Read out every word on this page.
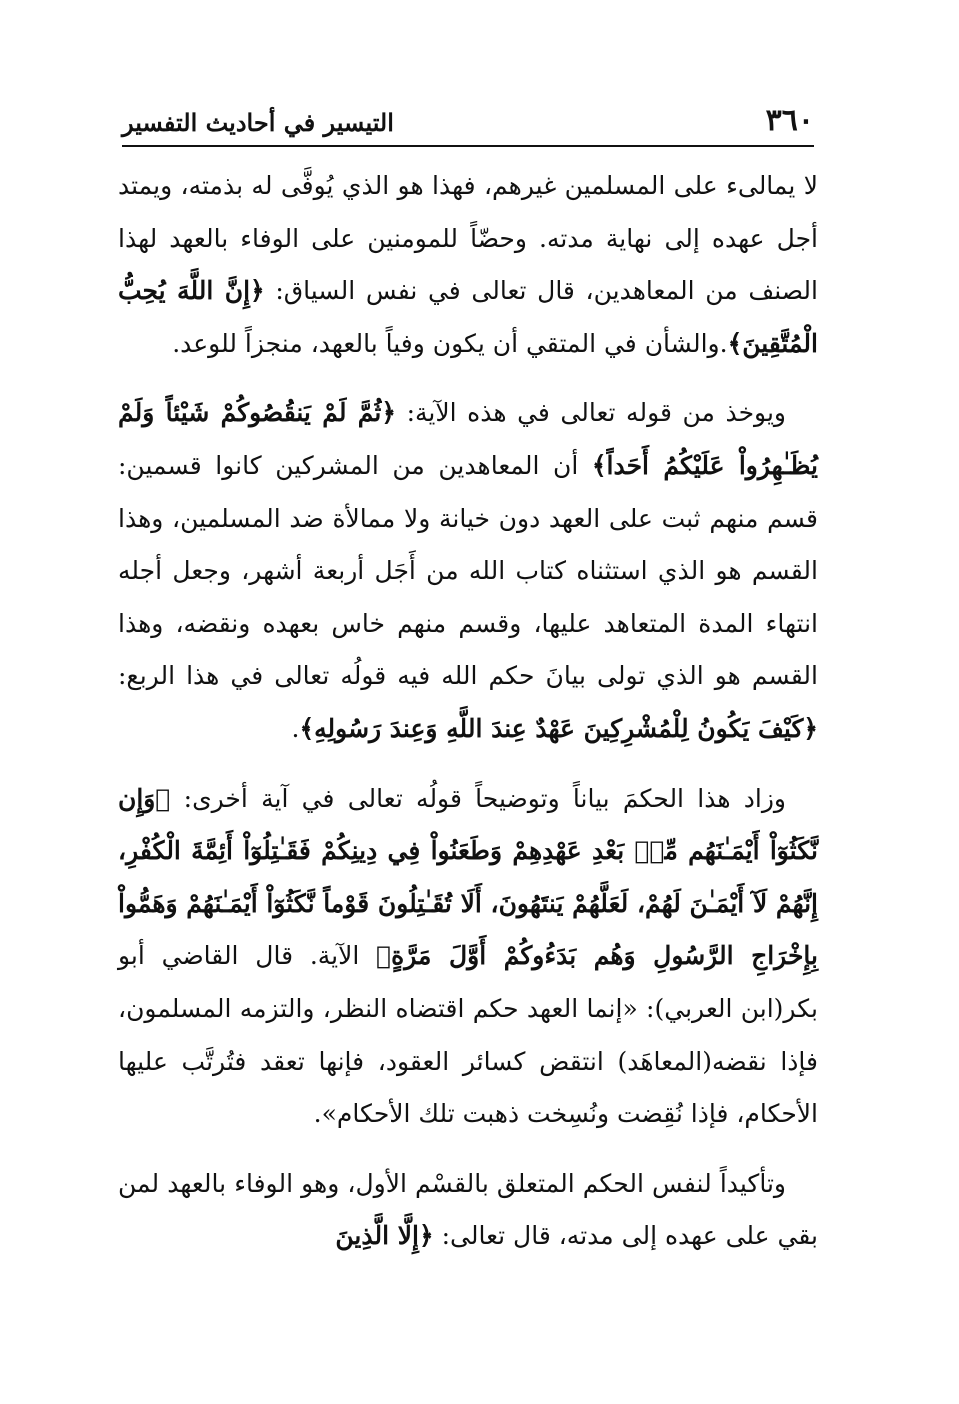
٣٦٠
التيسير في أحاديث التفسير

لا يمالىء على المسلمين غيرهم، فهذا هو الذي يُوفَّى له بذمته، ويمتد أجل عهده إلى نهاية مدته. وحضّاً للمومنين على الوفاء بالعهد لهذا الصنف من المعاهدين، قال تعالى في نفس السياق: ﴿إِنَّ اللَّهَ يُحِبُّ الْمُتَّقِينَ﴾.والشأن في المتقي أن يكون وفياً بالعهد، منجزاً للوعد.

ويوخذ من قوله تعالى في هذه الآية: ﴿ثُمَّ لَمْ يَنقُصُوكُمْ شَيْئاً وَلَمْ يُظَـٰهِرُواْ عَلَيْكُمُ أَحَداً﴾ أن المعاهدين من المشركين كانوا قسمين: قسم منهم ثبت على العهد دون خيانة ولا ممالأة ضد المسلمين، وهذا القسم هو الذي استثناه كتاب الله من أَجَل أربعة أشهر، وجعل أجله انتهاء المدة المتعاهد عليها، وقسم منهم خاس بعهده ونقضه، وهذا القسم هو الذي تولى بيانَ حكم الله فيه قولُه تعالى في هذا الربع: ﴿كَيْفَ يَكُونُ لِلْمُشْرِكِينَ عَهْدٌ عِندَ اللَّهِ وَعِندَ رَسُولِهِ﴾.

وزاد هذا الحكمَ بياناً وتوضيحاً قولُه تعالى في آية أخرى: ﴿وَإِن نَّكَثُوٓاْ أَيْمَـٰنَهُم مِّنۢ بَعْدِ عَهْدِهِمْ وَطَعَنُواْ فِي دِينِكُمْ فَقَـٰتِلُوٓاْ أَئِمَّةَ الْكُفْرِ، إِنَّهُمْ لَآ أَيْمَـٰنَ لَهُمْ، لَعَلَّهُمْ يَنتَهُونَ، أَلَا تُقَـٰتِلُونَ قَوْماً نَّكَثُوٓاْ أَيْمَـٰنَهُمْ وَهَمُّواْ بِإِخْرَاجِ الرَّسُولِ وَهُم بَدَءُوكُمْ أَوَّلَ مَرَّةٍ﴾ الآية. قال القاضي أبو بكر(ابن العربي): «إنما العهد حكم اقتضاه النظر، والتزمه المسلمون، فإذا نقضه(المعاهَد) انتقض كسائر العقود، فإنها تعقد فتُرتَّب عليها الأحكام، فإذا نُقِضت ونُسِخت ذهبت تلك الأحكام».

وتأكيداً لنفس الحكم المتعلق بالقسْم الأول، وهو الوفاء بالعهد لمن بقي على عهده إلى مدته، قال تعالى: ﴿إِلَّا الَّذِينَ
